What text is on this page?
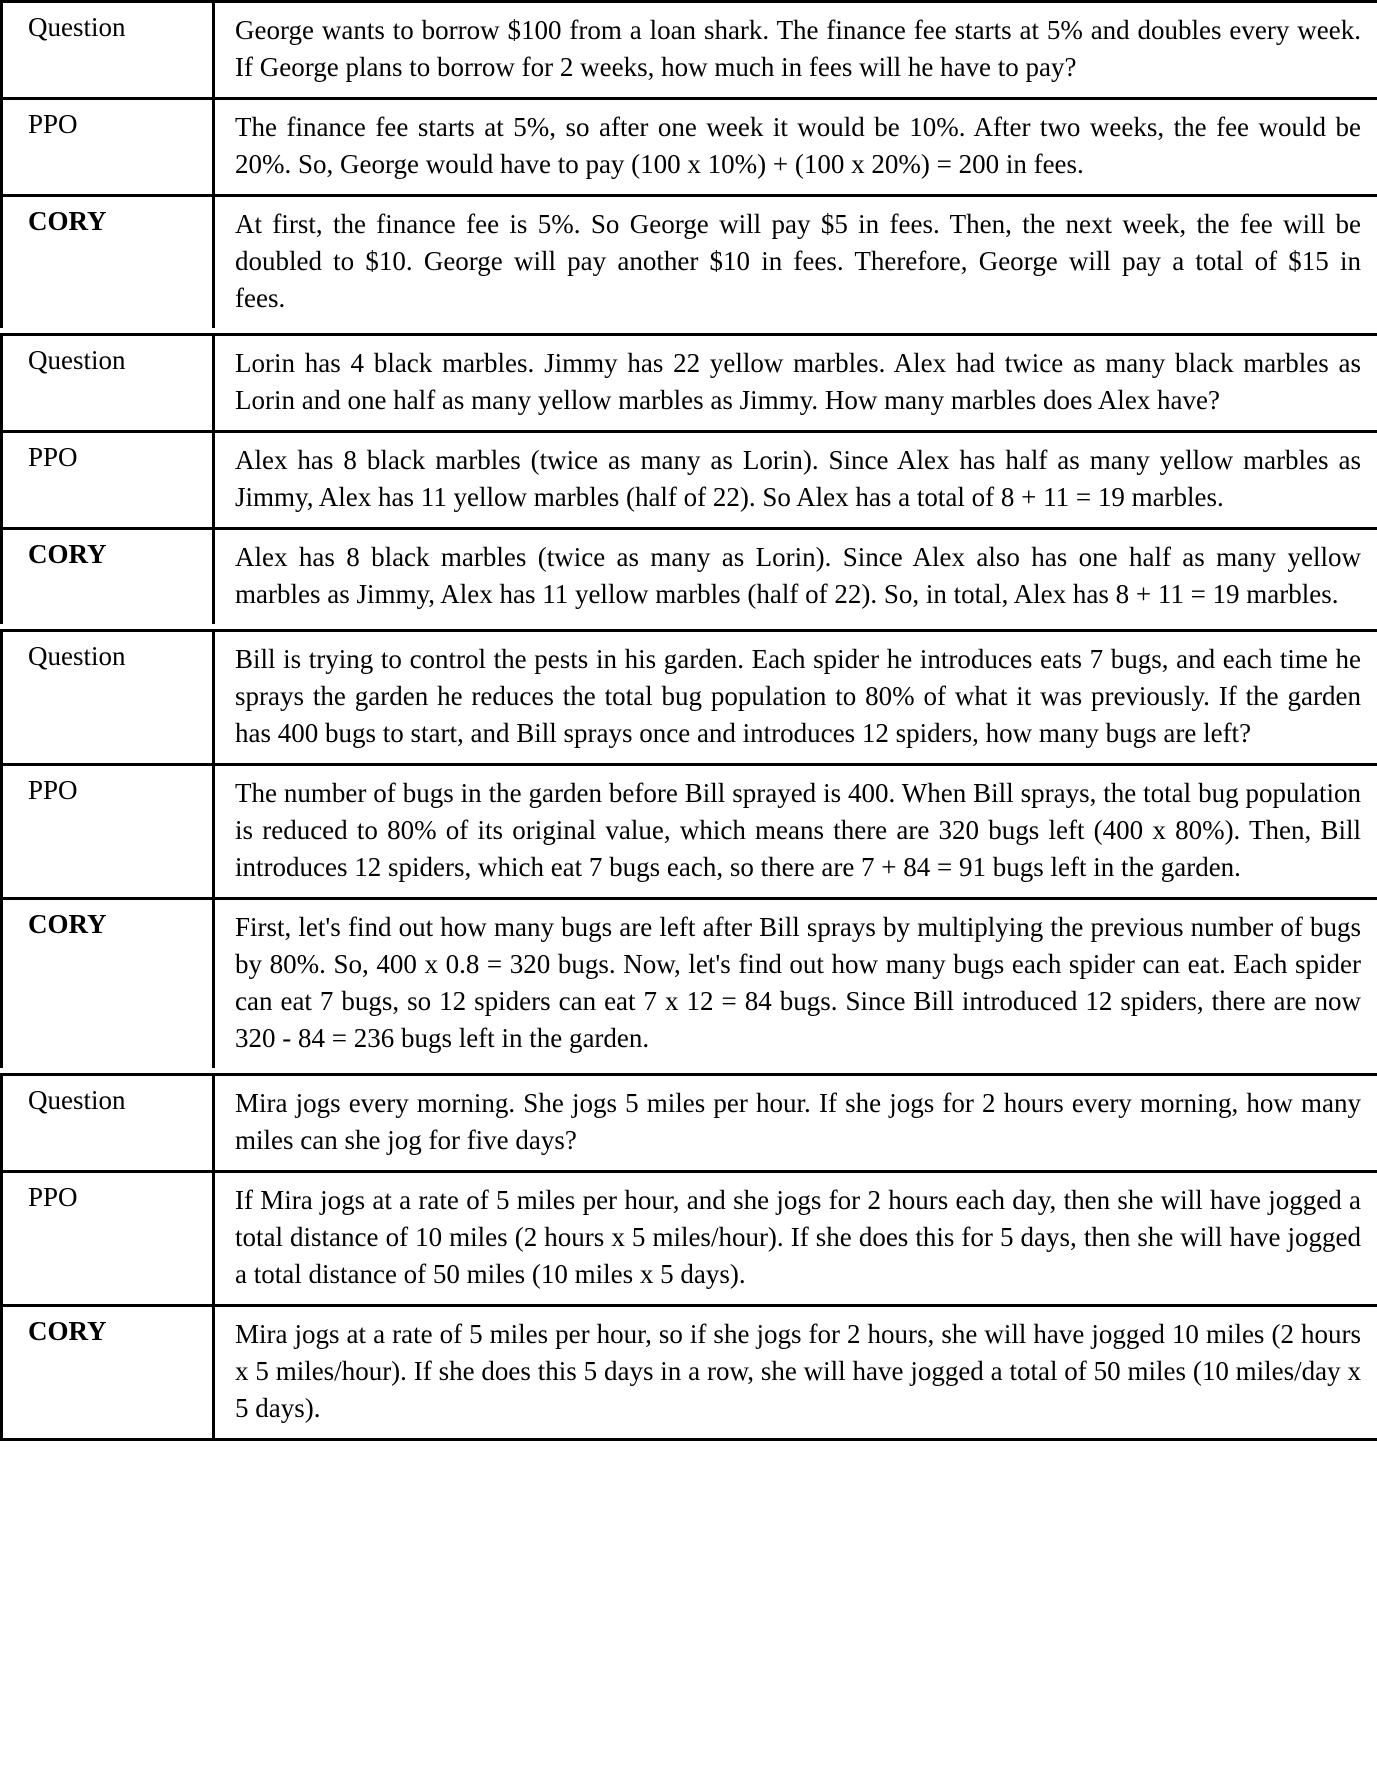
Question	George wants to borrow $100 from a loan shark. The finance fee starts at 5% and doubles every week. If George plans to borrow for 2 weeks, how much in fees will he have to pay?
PPO	The finance fee starts at 5%, so after one week it would be 10%. After two weeks, the fee would be 20%. So, George would have to pay (100 x 10%) + (100 x 20%) = 200 in fees.
CORY	At first, the finance fee is 5%. So George will pay $5 in fees. Then, the next week, the fee will be doubled to $10. George will pay another $10 in fees. Therefore, George will pay a total of $15 in fees.

Question	Lorin has 4 black marbles. Jimmy has 22 yellow marbles. Alex had twice as many black marbles as Lorin and one half as many yellow marbles as Jimmy. How many marbles does Alex have?
PPO	Alex has 8 black marbles (twice as many as Lorin). Since Alex has half as many yellow marbles as Jimmy, Alex has 11 yellow marbles (half of 22). So Alex has a total of 8 + 11 = 19 marbles.
CORY	Alex has 8 black marbles (twice as many as Lorin). Since Alex also has one half as many yellow marbles as Jimmy, Alex has 11 yellow marbles (half of 22). So, in total, Alex has 8 + 11 = 19 marbles.

Question	Bill is trying to control the pests in his garden. Each spider he introduces eats 7 bugs, and each time he sprays the garden he reduces the total bug population to 80% of what it was previously. If the garden has 400 bugs to start, and Bill sprays once and introduces 12 spiders, how many bugs are left?
PPO	The number of bugs in the garden before Bill sprayed is 400. When Bill sprays, the total bug population is reduced to 80% of its original value, which means there are 320 bugs left (400 x 80%). Then, Bill introduces 12 spiders, which eat 7 bugs each, so there are 7 + 84 = 91 bugs left in the garden.
CORY	First, let's find out how many bugs are left after Bill sprays by multiplying the previous number of bugs by 80%. So, 400 x 0.8 = 320 bugs. Now, let's find out how many bugs each spider can eat. Each spider can eat 7 bugs, so 12 spiders can eat 7 x 12 = 84 bugs. Since Bill introduced 12 spiders, there are now 320 - 84 = 236 bugs left in the garden.

Question	Mira jogs every morning. She jogs 5 miles per hour. If she jogs for 2 hours every morning, how many miles can she jog for five days?
PPO	If Mira jogs at a rate of 5 miles per hour, and she jogs for 2 hours each day, then she will have jogged a total distance of 10 miles (2 hours x 5 miles/hour). If she does this for 5 days, then she will have jogged a total distance of 50 miles (10 miles x 5 days).
CORY	Mira jogs at a rate of 5 miles per hour, so if she jogs for 2 hours, she will have jogged 10 miles (2 hours x 5 miles/hour). If she does this 5 days in a row, she will have jogged a total of 50 miles (10 miles/day x 5 days).
